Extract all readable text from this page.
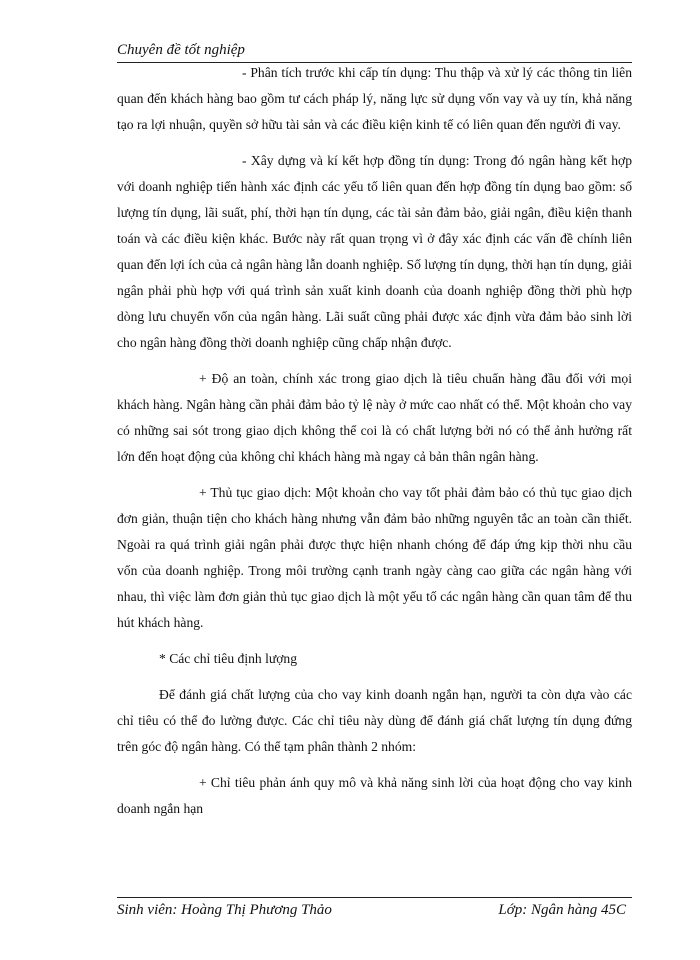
Chuyên đề tốt nghiệp

- Phân tích trước khi cấp tín dụng: Thu thập và xử lý các thông tin liên quan đến khách hàng bao gồm tư cách pháp lý, năng lực sử dụng vốn vay và uy tín, khả năng tạo ra lợi nhuận, quyền sở hữu tài sản và các điều kiện kinh tế có liên quan đến người đi vay.

- Xây dựng và kí kết hợp đồng tín dụng: Trong đó ngân hàng kết hợp với doanh nghiệp tiến hành xác định các yếu tố liên quan đến hợp đồng tín dụng bao gồm: số lượng tín dụng, lãi suất, phí, thời hạn tín dụng, các tài sản đảm bảo, giải ngân, điều kiện thanh toán và các điều kiện khác. Bước này rất quan trọng vì ở đây xác định các vấn đề chính liên quan đến lợi ích của cả ngân hàng lẫn doanh nghiệp. Số lượng tín dụng, thời hạn tín dụng, giải ngân phải phù hợp với quá trình sản xuất kinh doanh của doanh nghiệp đồng thời phù hợp dòng lưu chuyển vốn của ngân hàng. Lãi suất cũng phải được xác định vừa đảm bảo sinh lời cho ngân hàng đồng thời doanh nghiệp cũng chấp nhận được.

+ Độ an toàn, chính xác trong giao dịch là tiêu chuẩn hàng đầu đối với mọi khách hàng. Ngân hàng cần phải đảm bảo tỷ lệ này ở mức cao nhất có thể. Một khoản cho vay có những sai sót trong giao dịch không thể coi là có chất lượng bởi nó có thể ảnh hưởng rất lớn đến hoạt động của không chỉ khách hàng mà ngay cả bản thân ngân hàng.

+ Thủ tục giao dịch: Một khoản cho vay tốt phải đảm bảo có thủ tục giao dịch đơn giản, thuận tiện cho khách hàng nhưng vẫn đảm bảo những nguyên tắc an toàn cần thiết. Ngoài ra quá trình giải ngân phải được thực hiện nhanh chóng để đáp ứng kịp thời nhu cầu vốn của doanh nghiệp. Trong môi trường cạnh tranh ngày càng cao giữa các ngân hàng với nhau, thì việc làm đơn giản thủ tục giao dịch là một yếu tố các ngân hàng cần quan tâm để thu hút khách hàng.

* Các chỉ tiêu định lượng

Để đánh giá chất lượng của cho vay kinh doanh ngắn hạn, người ta còn dựa vào các chỉ tiêu có thể đo lường được. Các chỉ tiêu này dùng để đánh giá chất lượng tín dụng đứng trên góc độ ngân hàng. Có thể tạm phân thành 2 nhóm:

+ Chỉ tiêu phản ánh quy mô và khả năng sinh lời của hoạt động cho vay kinh doanh ngắn hạn

Sinh viên: Hoàng Thị Phương Thảo	Lớp: Ngân hàng 45C
